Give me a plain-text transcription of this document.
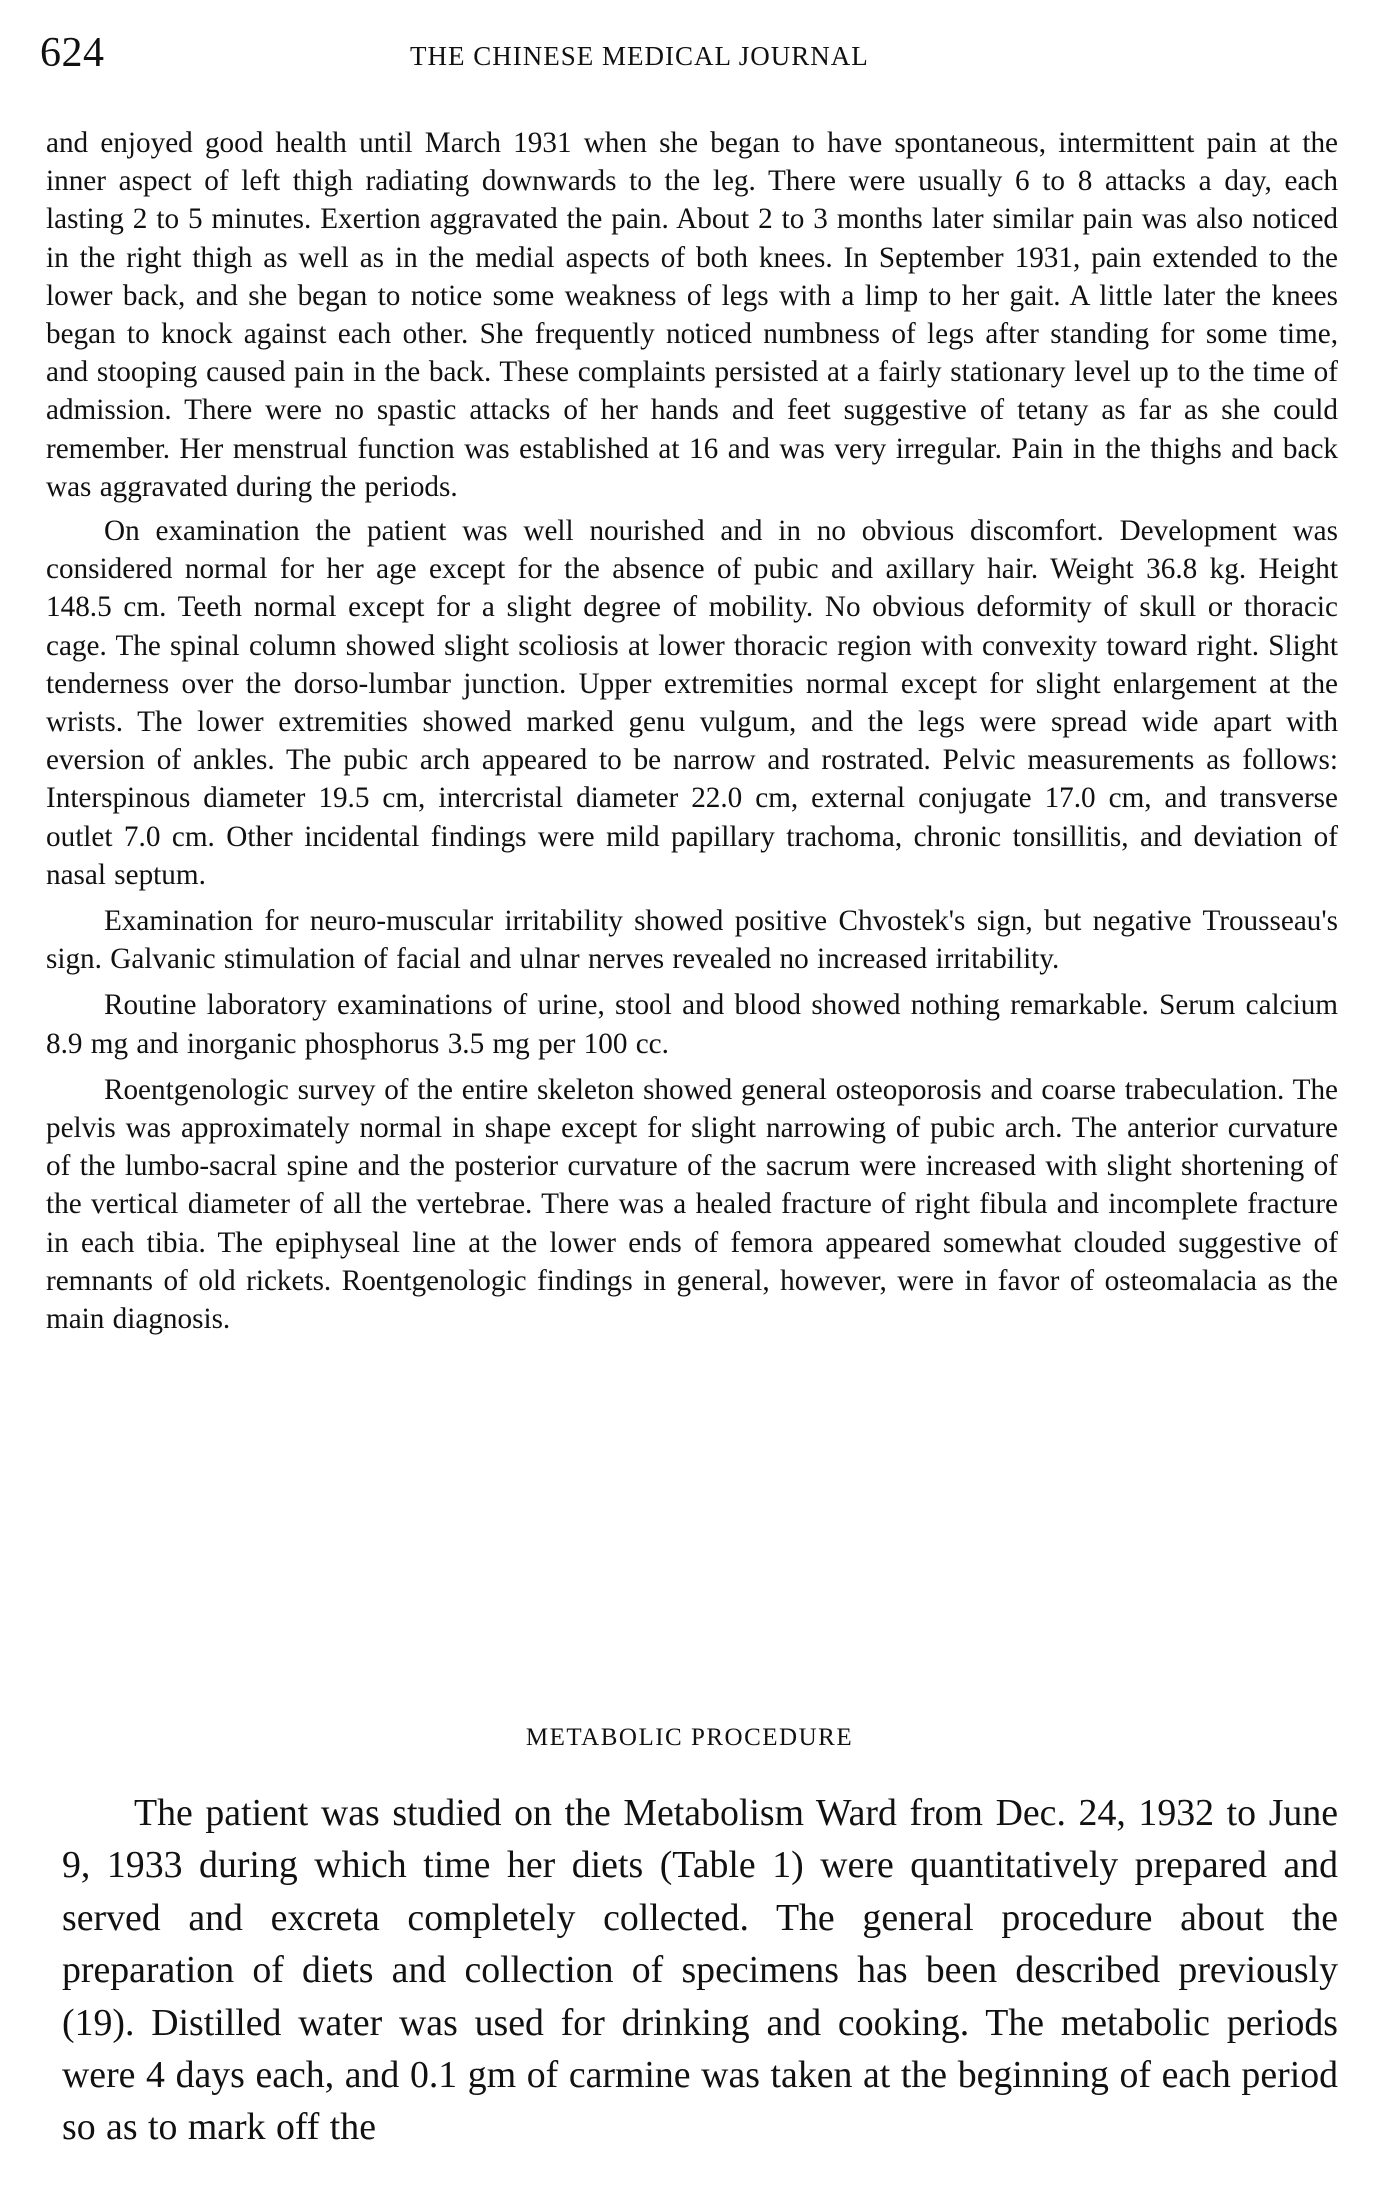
624	THE CHINESE MEDICAL JOURNAL

and enjoyed good health until March 1931 when she began to have spontaneous, intermittent pain at the inner aspect of left thigh radiating downwards to the leg. There were usually 6 to 8 attacks a day, each lasting 2 to 5 minutes. Exertion aggravated the pain. About 2 to 3 months later similar pain was also noticed in the right thigh as well as in the medial aspects of both knees. In September 1931, pain extended to the lower back, and she began to notice some weakness of legs with a limp to her gait. A little later the knees began to knock against each other. She frequently noticed numbness of legs after standing for some time, and stooping caused pain in the back. These complaints persisted at a fairly stationary level up to the time of admission. There were no spastic attacks of her hands and feet suggestive of tetany as far as she could remember. Her menstrual function was established at 16 and was very irregular. Pain in the thighs and back was aggravated during the periods.

On examination the patient was well nourished and in no obvious discomfort. Development was considered normal for her age except for the absence of pubic and axillary hair. Weight 36.8 kg. Height 148.5 cm. Teeth normal except for a slight degree of mobility. No obvious deformity of skull or thoracic cage. The spinal column showed slight scoliosis at lower thoracic region with convexity toward right. Slight tenderness over the dorso-lumbar junction. Upper extremities normal except for slight enlargement at the wrists. The lower extremities showed marked genu vulgum, and the legs were spread wide apart with eversion of ankles. The pubic arch appeared to be narrow and rostrated. Pelvic measurements as follows: Interspinous diameter 19.5 cm, intercristal diameter 22.0 cm, external conjugate 17.0 cm, and transverse outlet 7.0 cm. Other incidental findings were mild papillary trachoma, chronic tonsillitis, and deviation of nasal septum.

Examination for neuro-muscular irritability showed positive Chvostek's sign, but negative Trousseau's sign. Galvanic stimulation of facial and ulnar nerves revealed no increased irritability.

Routine laboratory examinations of urine, stool and blood showed nothing remarkable. Serum calcium 8.9 mg and inorganic phosphorus 3.5 mg per 100 cc.

Roentgenologic survey of the entire skeleton showed general osteoporosis and coarse trabeculation. The pelvis was approximately normal in shape except for slight narrowing of pubic arch. The anterior curvature of the lumbo-sacral spine and the posterior curvature of the sacrum were increased with slight shortening of the vertical diameter of all the vertebrae. There was a healed fracture of right fibula and incomplete fracture in each tibia. The epiphyseal line at the lower ends of femora appeared somewhat clouded suggestive of remnants of old rickets. Roentgenologic findings in general, however, were in favor of osteomalacia as the main diagnosis.

METABOLIC PROCEDURE

The patient was studied on the Metabolism Ward from Dec. 24, 1932 to June 9, 1933 during which time her diets (Table 1) were quantitatively prepared and served and excreta completely collected. The general procedure about the preparation of diets and collection of specimens has been described previously (19). Distilled water was used for drinking and cooking. The metabolic periods were 4 days each, and 0.1 gm of carmine was taken at the beginning of each period so as to mark off the
